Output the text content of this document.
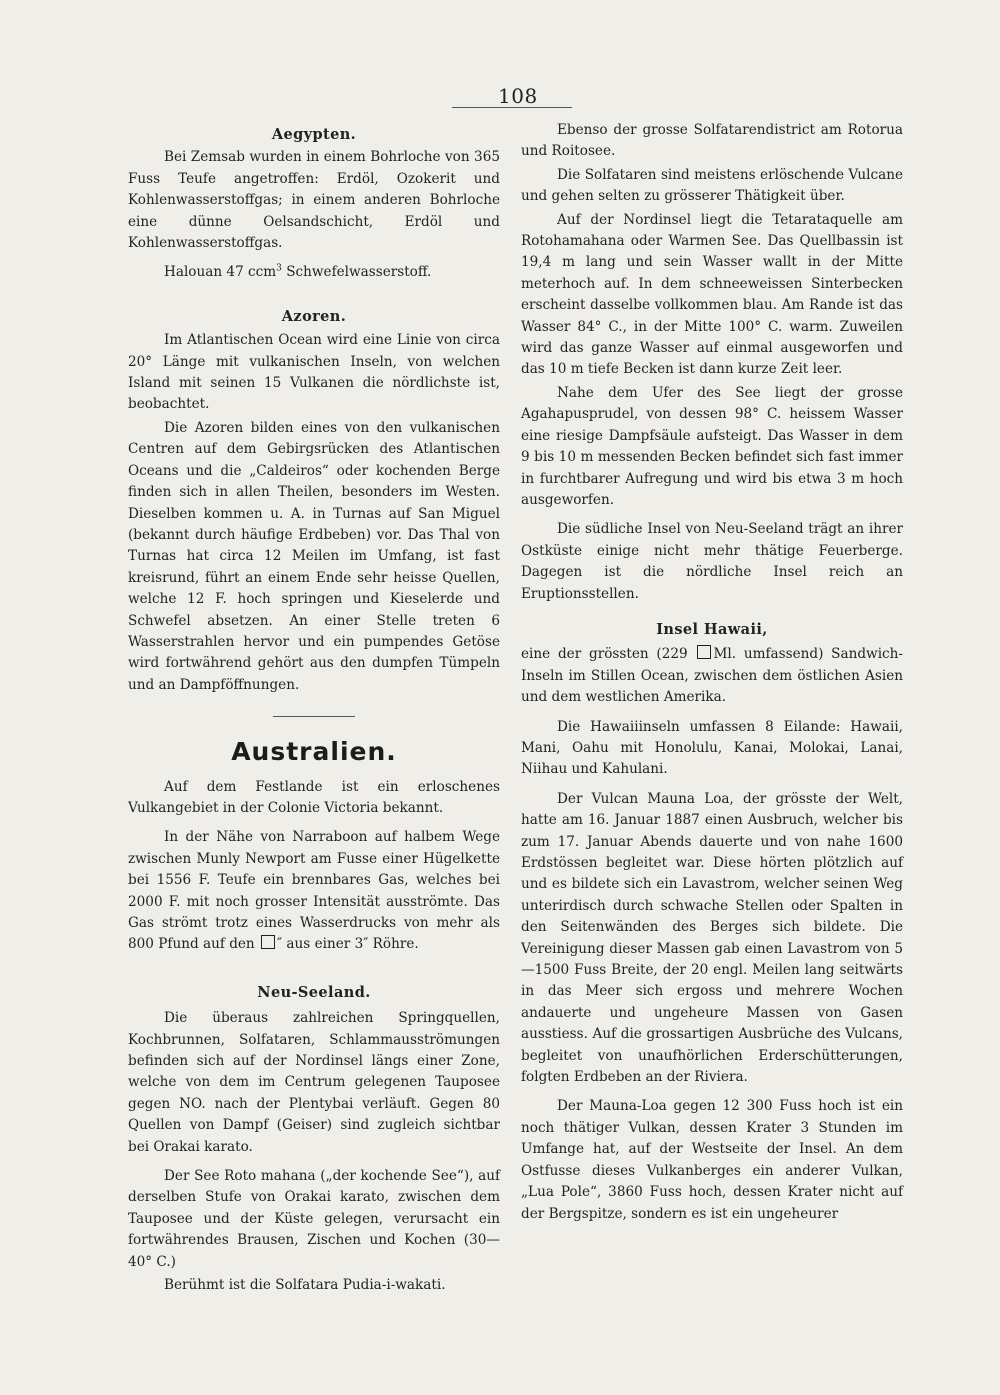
108
Aegypten.

Bei Zemsab wurden in einem Bohrloche von 365 Fuss Teufe angetroffen: Erdöl, Ozokerit und Kohlenwasserstoffgas; in einem anderen Bohrloche eine dünne Oelsandschicht, Erdöl und Kohlenwasserstoffgas.

Halouan 47 ccm$^3$ Schwefelwasserstoff.

Azoren.

Im Atlantischen Ocean wird eine Linie von circa 20° Länge mit vulkanischen Inseln, von welchen Island mit seinen 15 Vulkanen die nördlichste ist, beobachtet.

Die Azoren bilden eines von den vulkanischen Centren auf dem Gebirgsrücken des Atlantischen Oceans und die „Caldeiros“ oder kochenden Berge finden sich in allen Theilen, besonders im Westen. Dieselben kommen u. A. in Turnas auf San Miguel (bekannt durch häufige Erdbeben) vor. Das Thal von Turnas hat circa 12 Meilen im Umfang, ist fast kreisrund, führt an einem Ende sehr heisse Quellen, welche 12 F. hoch springen und Kieselerde und Schwefel absetzen. An einer Stelle treten 6 Wasserstrahlen hervor und ein pumpendes Getöse wird fortwährend gehört aus den dumpfen Tümpeln und an Dampföffnungen.

Australien.

Auf dem Festlande ist ein erloschenes Vulkangebiet in der Colonie Victoria bekannt.

In der Nähe von Narraboon auf halbem Wege zwischen Munly Newport am Fusse einer Hügelkette bei 1556 F. Teufe ein brennbares Gas, welches bei 2000 F. mit noch grosser Intensität ausströmte. Das Gas strömt trotz eines Wasserdrucks von mehr als 800 Pfund auf den ″ aus einer 3″ Röhre.

Neu-Seeland.

Die überaus zahlreichen Springquellen, Kochbrunnen, Solfataren, Schlammausströmungen befinden sich auf der Nordinsel längs einer Zone, welche von dem im Centrum gelegenen Tauposee gegen NO. nach der Plentybai verläuft. Gegen 80 Quellen von Dampf (Geiser) sind zugleich sichtbar bei Orakai karato.

Der See Roto mahana („der kochende See“), auf derselben Stufe von Orakai karato, zwischen dem Tauposee und der Küste gelegen, verursacht ein fortwährendes Brausen, Zischen und Kochen (30—40° C.)

Berühmt ist die Solfatara Pudia-i-wakati.

Ebenso der grosse Solfatarendistrict am Rotorua und Roitosee.

Die Solfataren sind meistens erlöschende Vulcane und gehen selten zu grösserer Thätigkeit über.

Auf der Nordinsel liegt die Tetarataquelle am Rotohamahana oder Warmen See. Das Quellbassin ist 19,4 m lang und sein Wasser wallt in der Mitte meterhoch auf. In dem schneeweissen Sinterbecken erscheint dasselbe vollkommen blau. Am Rande ist das Wasser 84° C., in der Mitte 100° C. warm. Zuweilen wird das ganze Wasser auf einmal ausgeworfen und das 10 m tiefe Becken ist dann kurze Zeit leer.

Nahe dem Ufer des See liegt der grosse Agahapusprudel, von dessen 98° C. heissem Wasser eine riesige Dampfsäule aufsteigt. Das Wasser in dem 9 bis 10 m messenden Becken befindet sich fast immer in furchtbarer Aufregung und wird bis etwa 3 m hoch ausgeworfen.

Die südliche Insel von Neu-Seeland trägt an ihrer Ostküste einige nicht mehr thätige Feuerberge. Dagegen ist die nördliche Insel reich an Eruptionsstellen.

Insel Hawaii,

eine der grössten (229 Ml. umfassend) Sandwich-Inseln im Stillen Ocean, zwischen dem östlichen Asien und dem westlichen Amerika.

Die Hawaiiinseln umfassen 8 Eilande: Hawaii, Mani, Oahu mit Honolulu, Kanai, Molokai, Lanai, Niihau und Kahulani.

Der Vulcan Mauna Loa, der grösste der Welt, hatte am 16. Januar 1887 einen Ausbruch, welcher bis zum 17. Januar Abends dauerte und von nahe 1600 Erdstössen begleitet war. Diese hörten plötzlich auf und es bildete sich ein Lavastrom, welcher seinen Weg unterirdisch durch schwache Stellen oder Spalten in den Seitenwänden des Berges sich bildete. Die Vereinigung dieser Massen gab einen Lavastrom von 5—1500 Fuss Breite, der 20 engl. Meilen lang seitwärts in das Meer sich ergoss und mehrere Wochen andauerte und ungeheure Massen von Gasen ausstiess. Auf die grossartigen Ausbrüche des Vulcans, begleitet von unaufhörlichen Erderschütterungen, folgten Erdbeben an der Riviera.

Der Mauna-Loa gegen 12 300 Fuss hoch ist ein noch thätiger Vulkan, dessen Krater 3 Stunden im Umfange hat, auf der Westseite der Insel. An dem Ostfusse dieses Vulkanberges ein anderer Vulkan, „Lua Pole“, 3860 Fuss hoch, dessen Krater nicht auf der Bergspitze, sondern es ist ein ungeheurer
